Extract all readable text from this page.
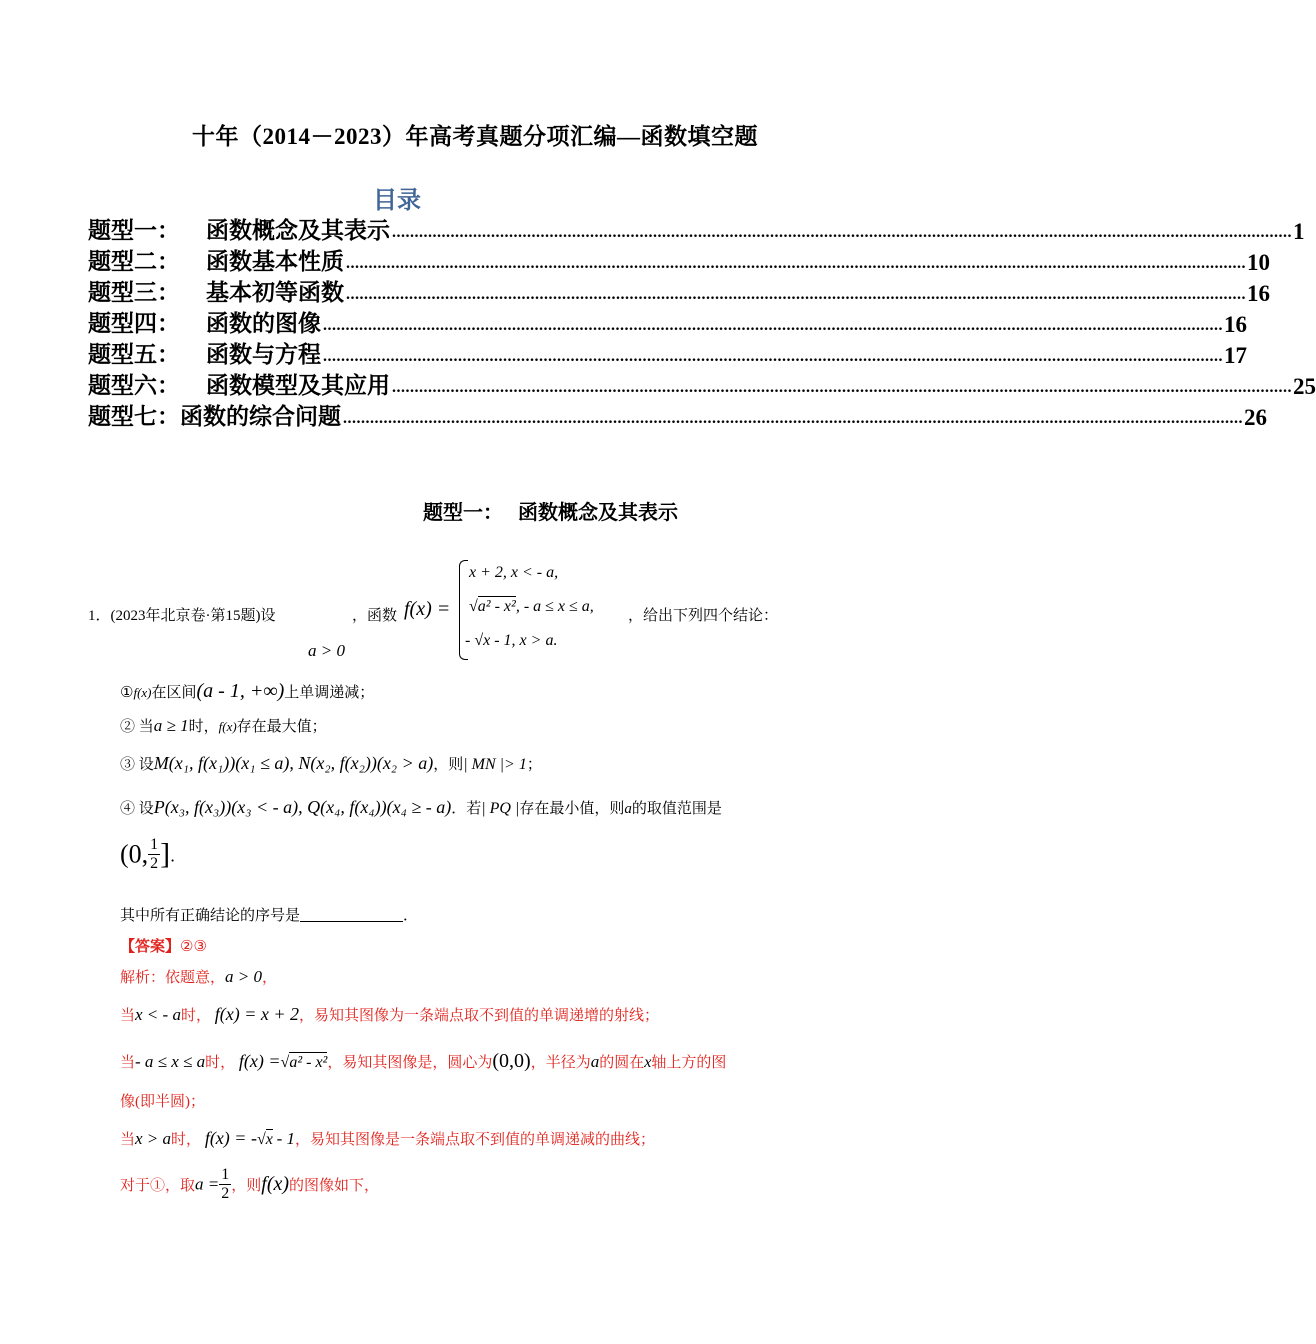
十年（2014－2023）年高考真题分项汇编—函数填空题
目录
题型一： 函数概念及其表示 ........................................................................................................................................................................................................ 1
题型二： 函数基本性质 ........................................................................................................................................................................................................ 10
题型三： 基本初等函数 ........................................................................................................................................................................................................ 16
题型四： 函数的图像 ........................................................................................................................................................................................................ 16
题型五： 函数与方程 ........................................................................................................................................................................................................ 17
题型六： 函数模型及其应用 ........................................................................................................................................................................................................ 25
题型七： 函数的综合问题 ........................................................................................................................................................................................................ 26
题型一：   函数概念及其表示
1．(2023年北京卷·第15题)设
a > 0
，函数 f(x) =
x + 2, x < - a,
√a² - x², - a ≤ x ≤ a,
- √x - 1, x > a.
，给出下列四个结论：
①f(x)在区间(a - 1, +∞)上单调递减；
② 当a ≥ 1时，f(x)存在最大值；
③ 设M(x₁, f(x₁))(x₁ ≤ a), N(x₂, f(x₂))(x₂ > a)，则| MN |> 1；
④ 设P(x₃, f(x₃))(x₃ < - a), Q(x₄, f(x₄))(x₄ ≥ - a)．若| PQ |存在最小值，则a的取值范围是
(0, $\frac{1}{2}$ ]．
其中所有正确结论的序号是	．
【答案】②③
解析：依题意，a > 0，
当x < - a时， f(x) = x + 2，易知其图像为一条端点取不到值的单调递增的射线；
当- a ≤ x ≤ a时， f(x) =√a² - x²，易知其图像是，圆心为(0,0)，半径为a的圆在x轴上方的图
像(即半圆)；
当x > a时， f(x) = -√x - 1，易知其图像是一条端点取不到值的单调递减的曲线；
对于①，取$a = \frac{1}{2}$ ，则f(x)的图像如下，
